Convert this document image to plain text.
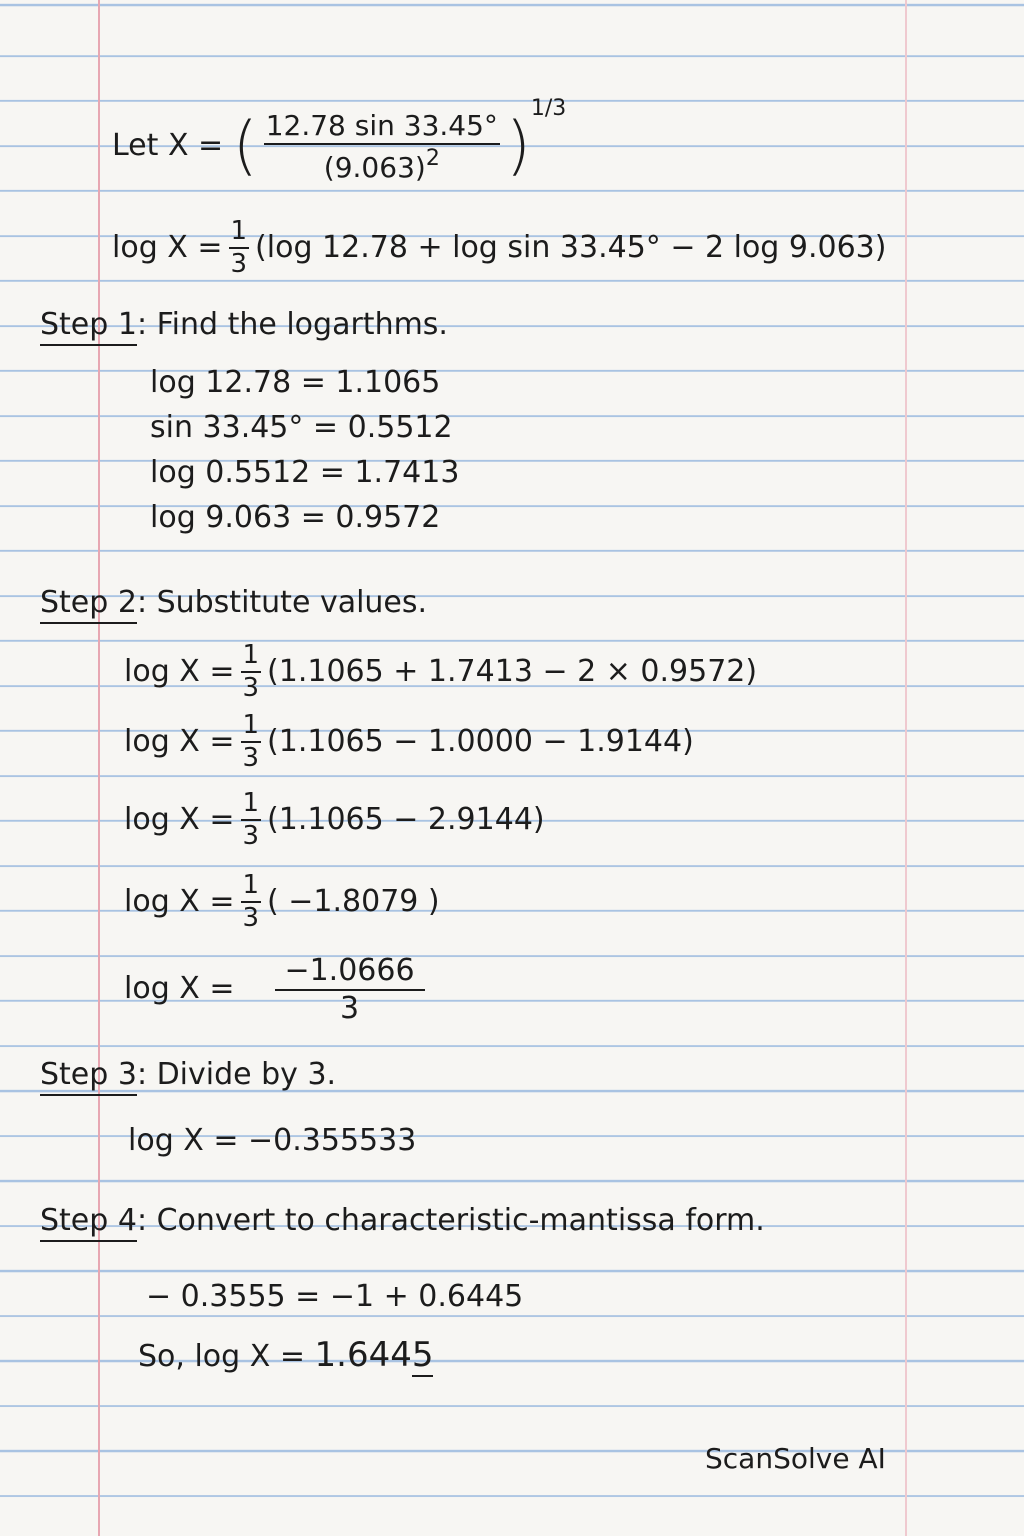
Let X = ( $\frac{12.78 \sin 33.45^\circ}{(9.063)^2} )^{1/3}$
$\log X = \frac{1}{3} (\log$ 12.78 + log sin 33.45° − 2 log 9.063)
Step 1: Find the logarthms.
log 12.78 = 1.1065
sin 33.45° = 0.5512
log 0.5512 = 1.7413
log 9.063 = 0.9572
Step 2: Substitute values.
$\log X = \frac{1}{3} (1.1065 + 1.7413 - 2 \times 0.9572)$
$\log X = \frac{1}{3} (1.1065 - 1.0000 - 1.9144)$
$\log X = \frac{1}{3} (1.1065 - 2.9144)$
$\log X = \frac{1}{3}$ ( −1.8079 )
$\log X = \frac{-1.0666}{3}$
Step 3: Divide by 3.
log X = −0.355533
Step 4: Convert to characteristic-mantissa form.
− 0.3555 = −1 + 0.6445
So, log X = 1.6445
ScanSolve AI
